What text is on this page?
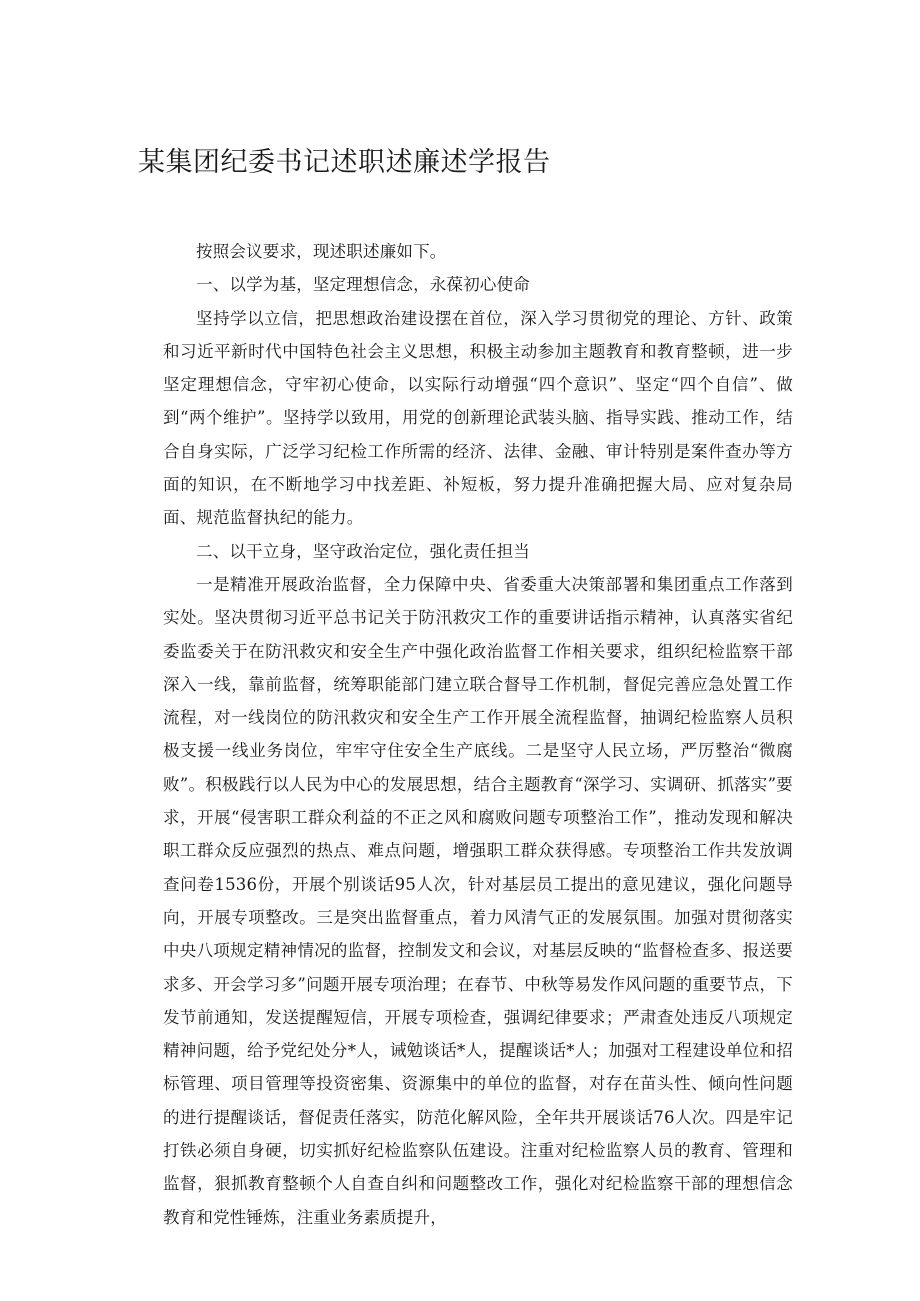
某集团纪委书记述职述廉述学报告

按照会议要求，现述职述廉如下。

一、以学为基，坚定理想信念，永葆初心使命

坚持学以立信，把思想政治建设摆在首位，深入学习贯彻党的理论、方针、政策和习近平新时代中国特色社会主义思想，积极主动参加主题教育和教育整顿，进一步坚定理想信念，守牢初心使命，以实际行动增强“四个意识”、坚定“四个自信”、做到“两个维护”。坚持学以致用，用党的创新理论武装头脑、指导实践、推动工作，结合自身实际，广泛学习纪检工作所需的经济、法律、金融、审计特别是案件查办等方面的知识，在不断地学习中找差距、补短板，努力提升准确把握大局、应对复杂局面、规范监督执纪的能力。

二、以干立身，坚守政治定位，强化责任担当

一是精准开展政治监督，全力保障中央、省委重大决策部署和集团重点工作落到实处。坚决贯彻习近平总书记关于防汛救灾工作的重要讲话指示精神，认真落实省纪委监委关于在防汛救灾和安全生产中强化政治监督工作相关要求，组织纪检监察干部深入一线，靠前监督，统筹职能部门建立联合督导工作机制，督促完善应急处置工作流程，对一线岗位的防汛救灾和安全生产工作开展全流程监督，抽调纪检监察人员积极支援一线业务岗位，牢牢守住安全生产底线。二是坚守人民立场，严厉整治“微腐败”。积极践行以人民为中心的发展思想，结合主题教育“深学习、实调研、抓落实”要求，开展“侵害职工群众利益的不正之风和腐败问题专项整治工作”，推动发现和解决职工群众反应强烈的热点、难点问题，增强职工群众获得感。专项整治工作共发放调查问卷1536份，开展个别谈话95人次，针对基层员工提出的意见建议，强化问题导向，开展专项整改。三是突出监督重点，着力风清气正的发展氛围。加强对贯彻落实中央八项规定精神情况的监督，控制发文和会议，对基层反映的“监督检查多、报送要求多、开会学习多”问题开展专项治理；在春节、中秋等易发作风问题的重要节点，下发节前通知，发送提醒短信，开展专项检查，强调纪律要求；严肃查处违反八项规定精神问题，给予党纪处分*人，诫勉谈话*人，提醒谈话*人；加强对工程建设单位和招标管理、项目管理等投资密集、资源集中的单位的监督，对存在苗头性、倾向性问题的进行提醒谈话，督促责任落实，防范化解风险，全年共开展谈话76人次。四是牢记打铁必须自身硬，切实抓好纪检监察队伍建设。注重对纪检监察人员的教育、管理和监督，狠抓教育整顿个人自查自纠和问题整改工作，强化对纪检监察干部的理想信念教育和党性锤炼，注重业务素质提升，
